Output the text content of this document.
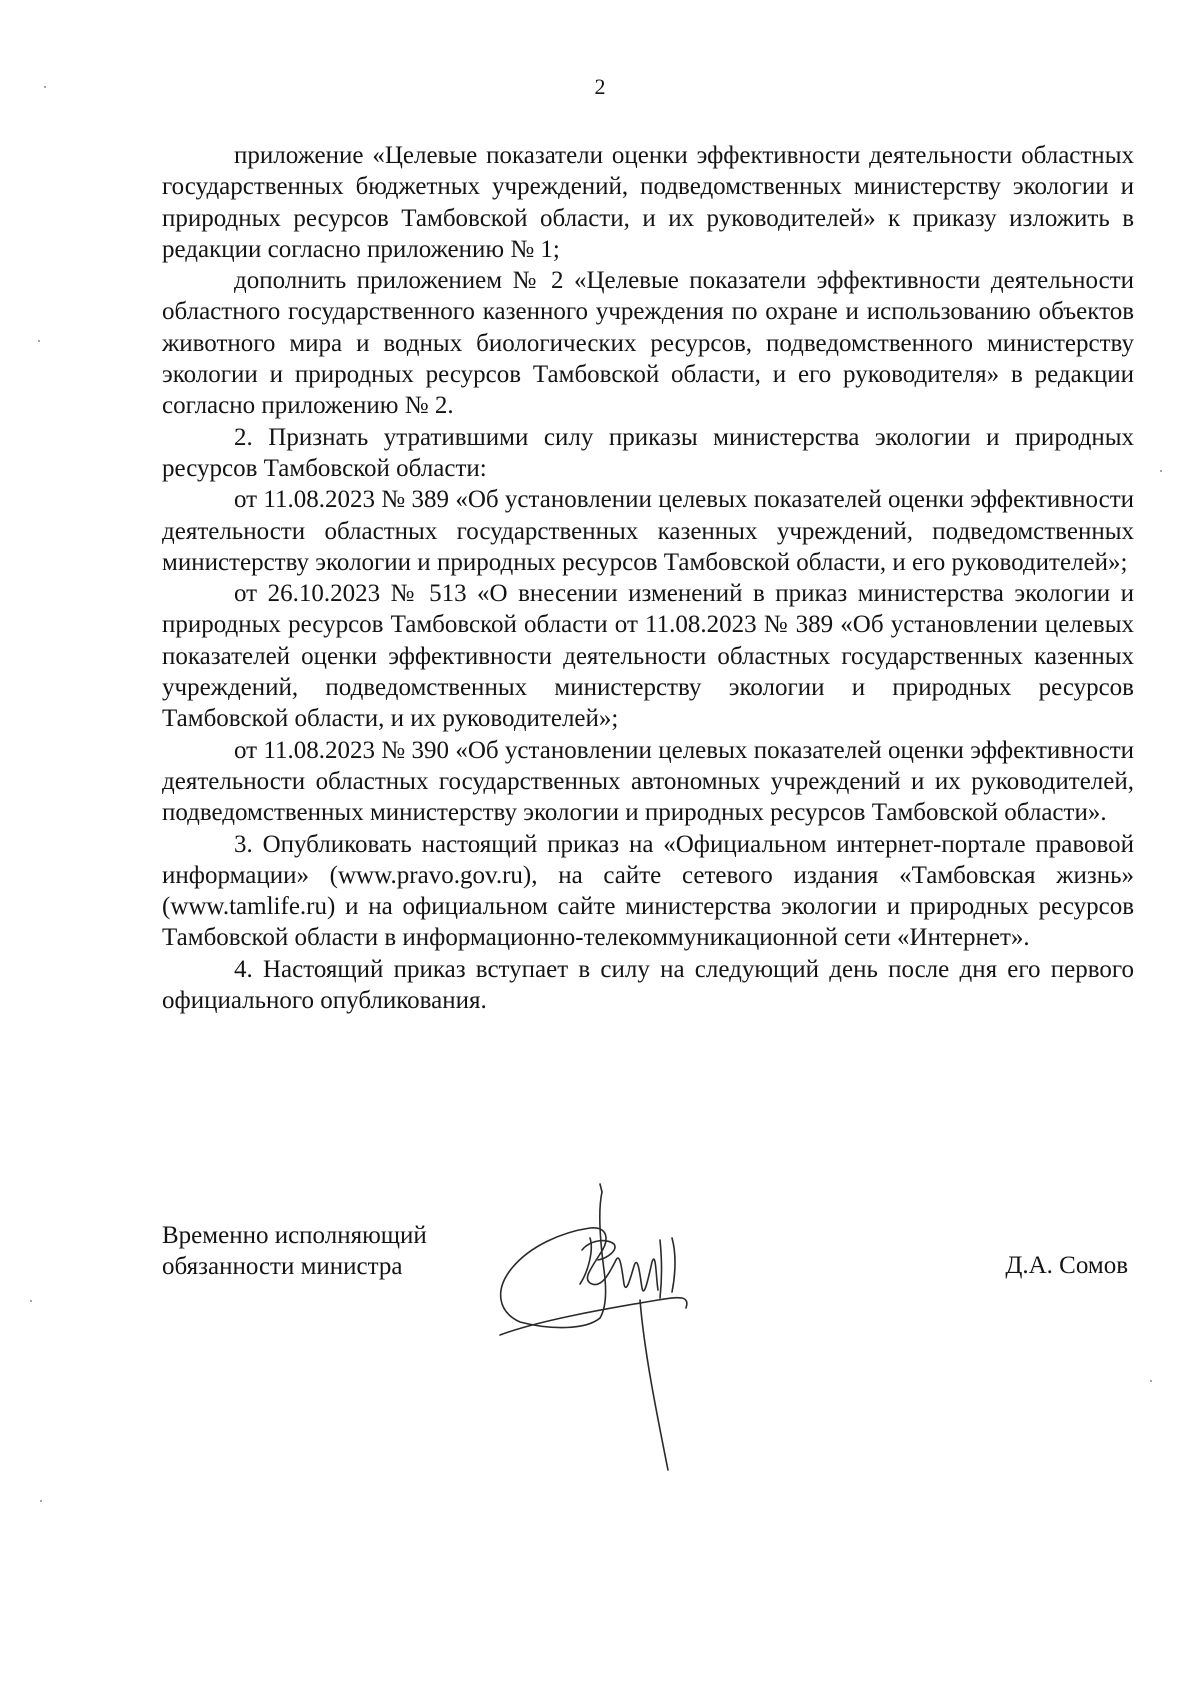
2

приложение «Целевые показатели оценки эффективности деятельности областных государственных бюджетных учреждений, подведомственных министерству экологии и природных ресурсов Тамбовской области, и их руководителей» к приказу изложить в редакции согласно приложению № 1;

дополнить приложением № 2 «Целевые показатели эффективности деятельности областного государственного казенного учреждения по охране и использованию объектов животного мира и водных биологических ресурсов, подведомственного министерству экологии и природных ресурсов Тамбовской области, и его руководителя» в редакции согласно приложению № 2.

2. Признать утратившими силу приказы министерства экологии и природных ресурсов Тамбовской области:

от 11.08.2023 № 389 «Об установлении целевых показателей оценки эффективности деятельности областных государственных казенных учреждений, подведомственных министерству экологии и природных ресурсов Тамбовской области, и его руководителей»;

от 26.10.2023 № 513 «О внесении изменений в приказ министерства экологии и природных ресурсов Тамбовской области от 11.08.2023 № 389 «Об установлении целевых показателей оценки эффективности деятельности областных государственных казенных учреждений, подведомственных министерству экологии и природных ресурсов Тамбовской области, и их руководителей»;

от 11.08.2023 № 390 «Об установлении целевых показателей оценки эффективности деятельности областных государственных автономных учреждений и их руководителей, подведомственных министерству экологии и природных ресурсов Тамбовской области».

3. Опубликовать настоящий приказ на «Официальном интернет-портале правовой информации» (www.pravo.gov.ru), на сайте сетевого издания «Тамбовская жизнь» (www.tamlife.ru) и на официальном сайте министерства экологии и природных ресурсов Тамбовской области в информационно-телекоммуникационной сети «Интернет».

4. Настоящий приказ вступает в силу на следующий день после дня его первого официального опубликования.

Временно исполняющий
обязанности министра	Д.А. Сомов
